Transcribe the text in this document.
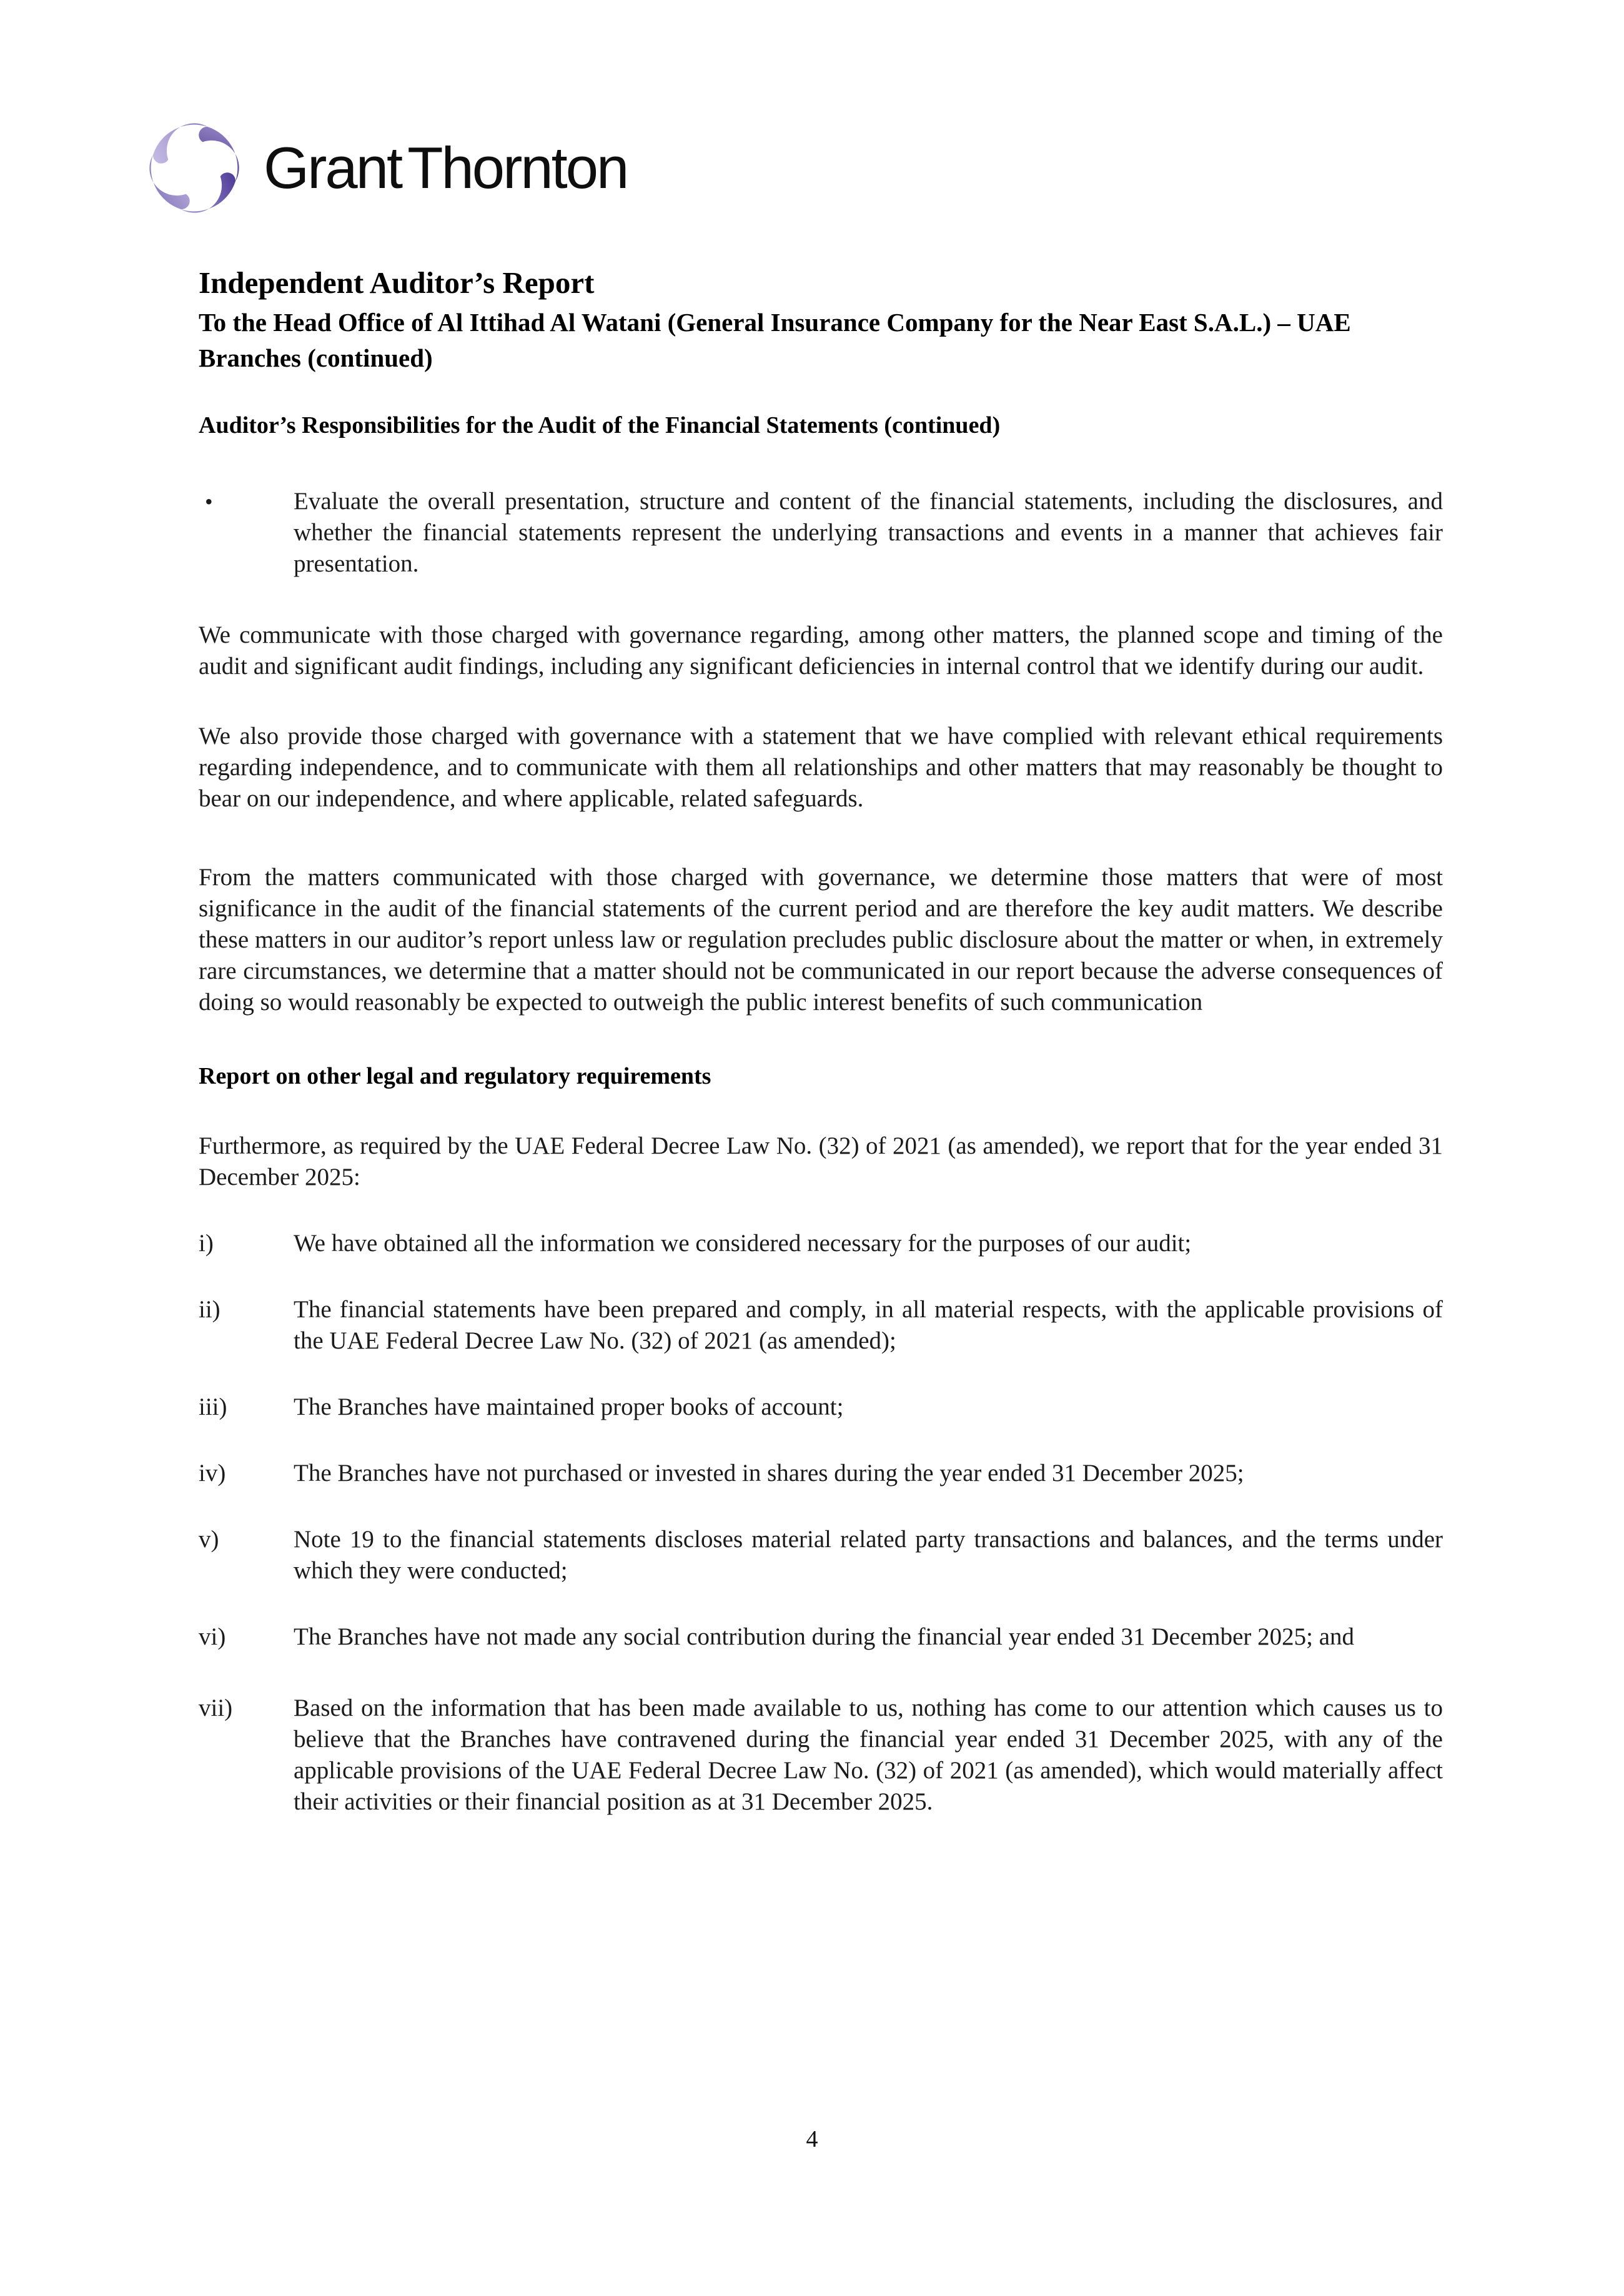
Grant Thornton
Independent Auditor’s Report
To the Head Office of Al Ittihad Al Watani (General Insurance Company for the Near East S.A.L.) – UAE Branches (continued)
Auditor’s Responsibilities for the Audit of the Financial Statements (continued)
•	Evaluate the overall presentation, structure and content of the financial statements, including the disclosures, and whether the financial statements represent the underlying transactions and events in a manner that achieves fair presentation.
We communicate with those charged with governance regarding, among other matters, the planned scope and timing of the audit and significant audit findings, including any significant deficiencies in internal control that we identify during our audit.
We also provide those charged with governance with a statement that we have complied with relevant ethical requirements regarding independence, and to communicate with them all relationships and other matters that may reasonably be thought to bear on our independence, and where applicable, related safeguards.
From the matters communicated with those charged with governance, we determine those matters that were of most significance in the audit of the financial statements of the current period and are therefore the key audit matters. We describe these matters in our auditor’s report unless law or regulation precludes public disclosure about the matter or when, in extremely rare circumstances, we determine that a matter should not be communicated in our report because the adverse consequences of doing so would reasonably be expected to outweigh the public interest benefits of such communication
Report on other legal and regulatory requirements
Furthermore, as required by the UAE Federal Decree Law No. (32) of 2021 (as amended), we report that for the year ended 31 December 2025:
i)	We have obtained all the information we considered necessary for the purposes of our audit;
ii)	The financial statements have been prepared and comply, in all material respects, with the applicable provisions of the UAE Federal Decree Law No. (32) of 2021 (as amended);
iii)	The Branches have maintained proper books of account;
iv)	The Branches have not purchased or invested in shares during the year ended 31 December 2025;
v)	Note 19 to the financial statements discloses material related party transactions and balances, and the terms under which they were conducted;
vi)	The Branches have not made any social contribution during the financial year ended 31 December 2025; and
vii)	Based on the information that has been made available to us, nothing has come to our attention which causes us to believe that the Branches have contravened during the financial year ended 31 December 2025, with any of the applicable provisions of the UAE Federal Decree Law No. (32) of 2021 (as amended), which would materially affect their activities or their financial position as at 31 December 2025.
4
